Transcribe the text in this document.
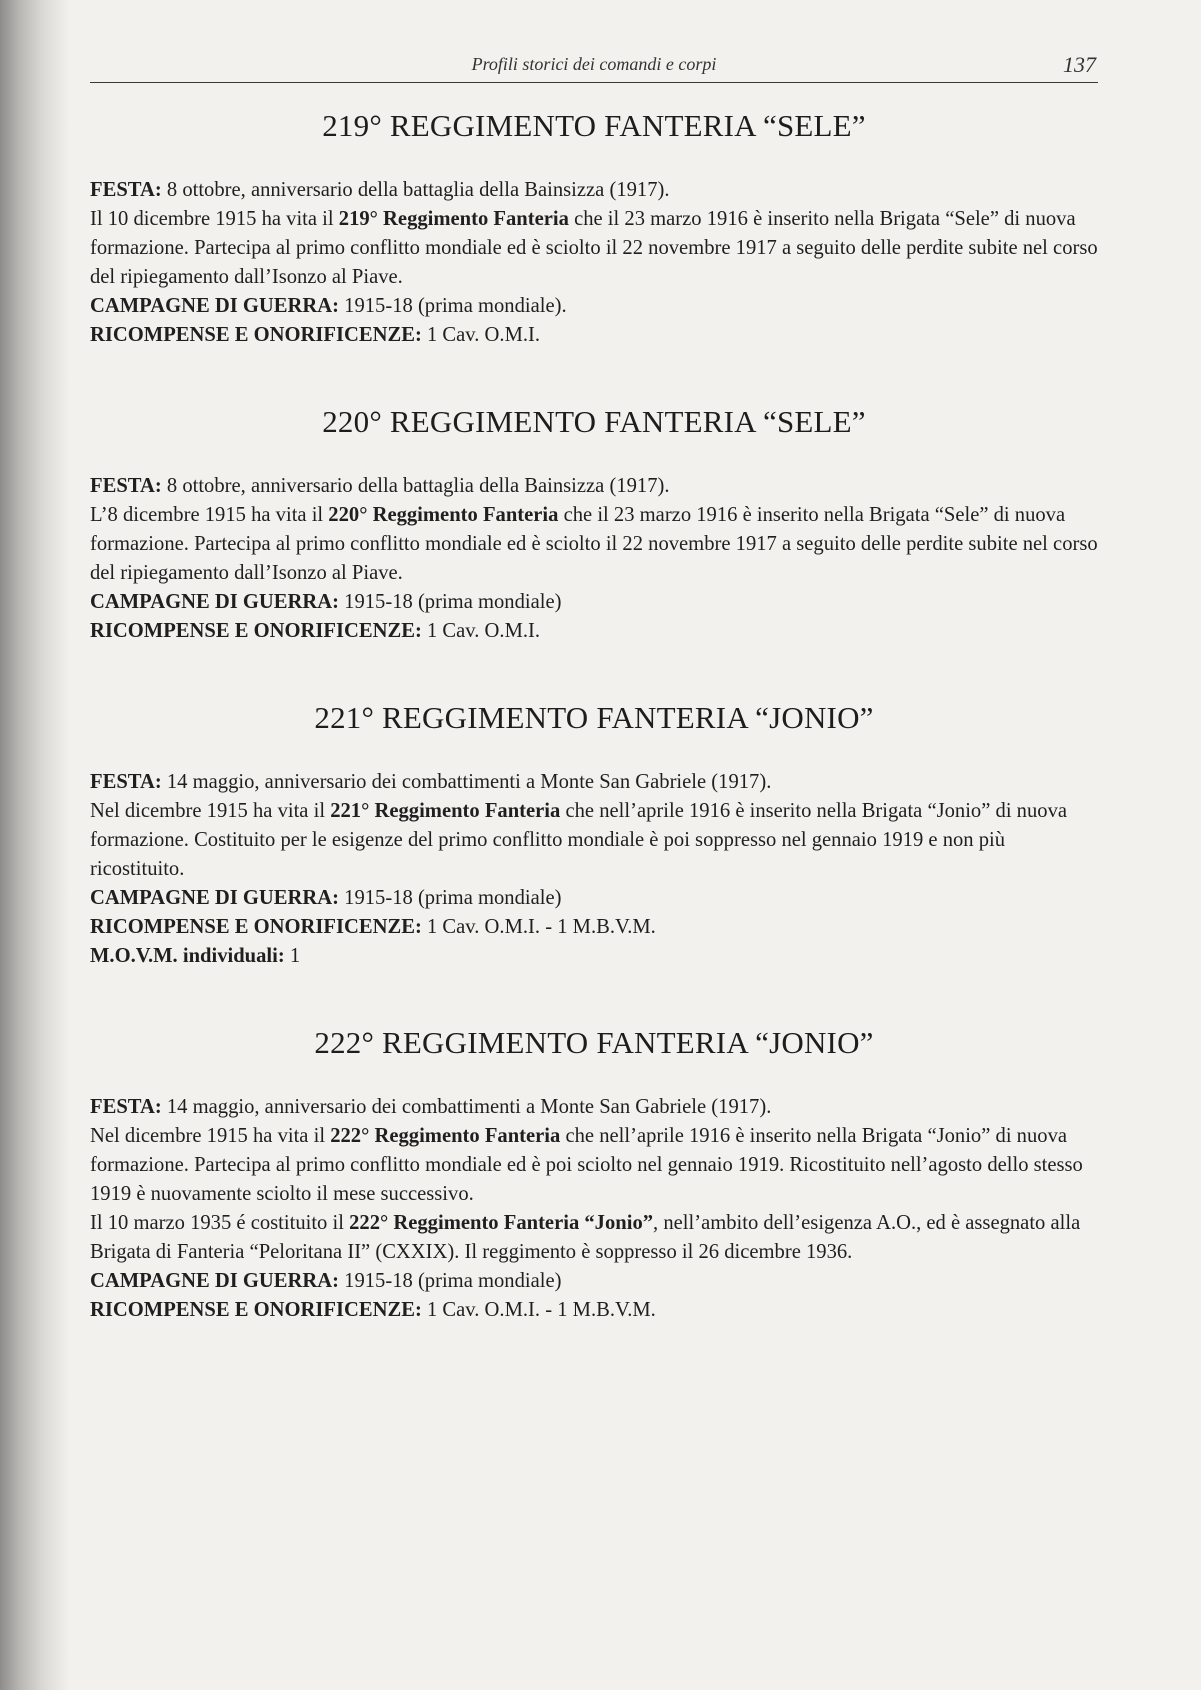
Profili storici dei comandi e corpi	137
219° REGGIMENTO FANTERIA “SELE”

FESTA: 8 ottobre, anniversario della battaglia della Bainsizza (1917).

Il 10 dicembre 1915 ha vita il 219° Reggimento Fanteria che il 23 marzo 1916 è inserito nella Brigata “Sele” di nuova formazione. Partecipa al primo conflitto mondiale ed è sciolto il 22 novembre 1917 a seguito delle perdite subite nel corso del ripiegamento dall’Isonzo al Piave.

CAMPAGNE DI GUERRA: 1915-18 (prima mondiale).

RICOMPENSE E ONORIFICENZE: 1 Cav. O.M.I.

220° REGGIMENTO FANTERIA “SELE”

FESTA: 8 ottobre, anniversario della battaglia della Bainsizza (1917).

L’8 dicembre 1915 ha vita il 220° Reggimento Fanteria che il 23 marzo 1916 è inserito nella Brigata “Sele” di nuova formazione. Partecipa al primo conflitto mondiale ed è sciolto il 22 novembre 1917 a seguito delle perdite subite nel corso del ripiegamento dall’Isonzo al Piave.

CAMPAGNE DI GUERRA: 1915-18 (prima mondiale)

RICOMPENSE E ONORIFICENZE: 1 Cav. O.M.I.

221° REGGIMENTO FANTERIA “JONIO”

FESTA: 14 maggio, anniversario dei combattimenti a Monte San Gabriele (1917).

Nel dicembre 1915 ha vita il 221° Reggimento Fanteria che nell’aprile 1916 è inserito nella Brigata “Jonio” di nuova formazione. Costituito per le esigenze del primo conflitto mondiale è poi soppresso nel gennaio 1919 e non più ricostituito.

CAMPAGNE DI GUERRA: 1915-18 (prima mondiale)

RICOMPENSE E ONORIFICENZE: 1 Cav. O.M.I. - 1 M.B.V.M.

M.O.V.M. individuali: 1

222° REGGIMENTO FANTERIA “JONIO”

FESTA: 14 maggio, anniversario dei combattimenti a Monte San Gabriele (1917).

Nel dicembre 1915 ha vita il 222° Reggimento Fanteria che nell’aprile 1916 è inserito nella Brigata “Jonio” di nuova formazione. Partecipa al primo conflitto mondiale ed è poi sciolto nel gennaio 1919. Ricostituito nell’agosto dello stesso 1919 è nuovamente sciolto il mese successivo.

Il 10 marzo 1935 é costituito il 222° Reggimento Fanteria “Jonio”, nell’ambito dell’esigenza A.O., ed è assegnato alla Brigata di Fanteria “Peloritana II” (CXXIX). Il reggimento è soppresso il 26 dicembre 1936.

CAMPAGNE DI GUERRA: 1915-18 (prima mondiale)

RICOMPENSE E ONORIFICENZE: 1 Cav. O.M.I. - 1 M.B.V.M.
